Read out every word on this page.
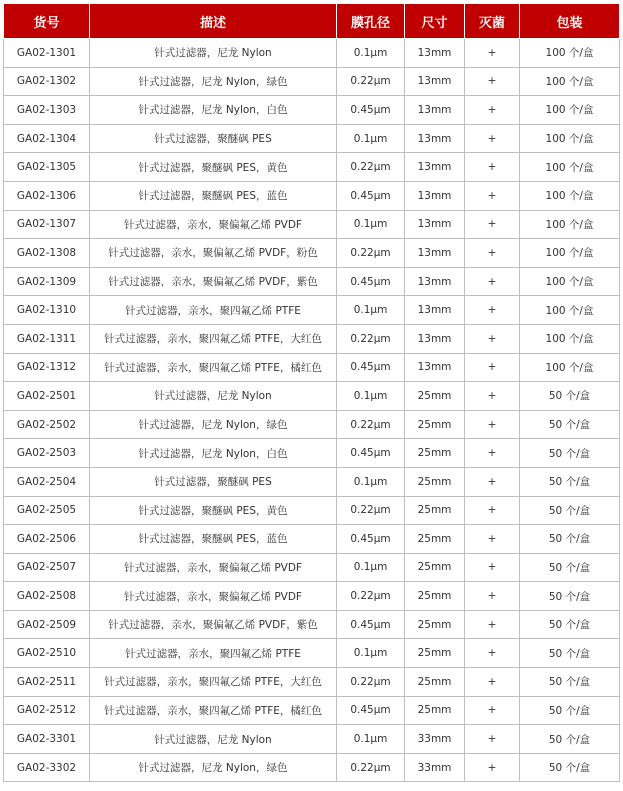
货号	描述	膜孔径	尺寸	灭菌	包装
GA02-1301	针式过滤器，尼龙 Nylon	0.1μm	13mm	+	100 个/盒
GA02-1302	针式过滤器，尼龙 Nylon，绿色	0.22μm	13mm	+	100 个/盒
GA02-1303	针式过滤器，尼龙 Nylon，白色	0.45μm	13mm	+	100 个/盒
GA02-1304	针式过滤器，聚醚砜 PES	0.1μm	13mm	+	100 个/盒
GA02-1305	针式过滤器，聚醚砜 PES，黄色	0.22μm	13mm	+	100 个/盒
GA02-1306	针式过滤器，聚醚砜 PES，蓝色	0.45μm	13mm	+	100 个/盒
GA02-1307	针式过滤器，亲水，聚偏氟乙烯 PVDF	0.1μm	13mm	+	100 个/盒
GA02-1308	针式过滤器，亲水，聚偏氟乙烯 PVDF，粉色	0.22μm	13mm	+	100 个/盒
GA02-1309	针式过滤器，亲水，聚偏氟乙烯 PVDF，紫色	0.45μm	13mm	+	100 个/盒
GA02-1310	针式过滤器，亲水，聚四氟乙烯 PTFE	0.1μm	13mm	+	100 个/盒
GA02-1311	针式过滤器，亲水，聚四氟乙烯 PTFE，大红色	0.22μm	13mm	+	100 个/盒
GA02-1312	针式过滤器，亲水，聚四氟乙烯 PTFE，橘红色	0.45μm	13mm	+	100 个/盒
GA02-2501	针式过滤器，尼龙 Nylon	0.1μm	25mm	+	50 个/盒
GA02-2502	针式过滤器，尼龙 Nylon，绿色	0.22μm	25mm	+	50 个/盒
GA02-2503	针式过滤器，尼龙 Nylon，白色	0.45μm	25mm	+	50 个/盒
GA02-2504	针式过滤器，聚醚砜 PES	0.1μm	25mm	+	50 个/盒
GA02-2505	针式过滤器，聚醚砜 PES，黄色	0.22μm	25mm	+	50 个/盒
GA02-2506	针式过滤器，聚醚砜 PES，蓝色	0.45μm	25mm	+	50 个/盒
GA02-2507	针式过滤器，亲水，聚偏氟乙烯 PVDF	0.1μm	25mm	+	50 个/盒
GA02-2508	针式过滤器，亲水，聚偏氟乙烯 PVDF	0.22μm	25mm	+	50 个/盒
GA02-2509	针式过滤器，亲水，聚偏氟乙烯 PVDF，紫色	0.45μm	25mm	+	50 个/盒
GA02-2510	针式过滤器，亲水，聚四氟乙烯 PTFE	0.1μm	25mm	+	50 个/盒
GA02-2511	针式过滤器，亲水，聚四氟乙烯 PTFE，大红色	0.22μm	25mm	+	50 个/盒
GA02-2512	针式过滤器，亲水，聚四氟乙烯 PTFE，橘红色	0.45μm	25mm	+	50 个/盒
GA02-3301	针式过滤器，尼龙 Nylon	0.1μm	33mm	+	50 个/盒
GA02-3302	针式过滤器，尼龙 Nylon，绿色	0.22μm	33mm	+	50 个/盒
